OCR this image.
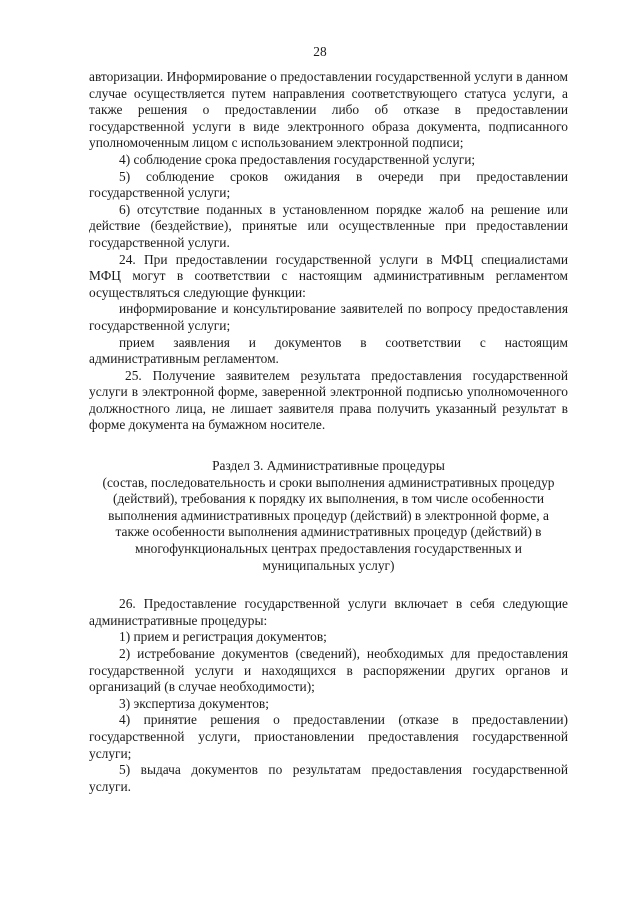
28

авторизации. Информирование о предоставлении государственной услуги в данном случае осуществляется путем направления соответствующего статуса услуги, а также решения о предоставлении либо об отказе в предоставлении государственной услуги в виде электронного образа документа, подписанного уполномоченным лицом с использованием электронной подписи;

4) соблюдение срока предоставления государственной услуги;

5) соблюдение сроков ожидания в очереди при предоставлении государственной услуги;

6) отсутствие поданных в установленном порядке жалоб на решение или действие (бездействие), принятые или осуществленные при предоставлении государственной услуги.

24. При предоставлении государственной услуги в МФЦ специалистами МФЦ могут в соответствии с настоящим административным регламентом осуществляться следующие функции:

информирование и консультирование заявителей по вопросу предоставления государственной услуги;

прием заявления и документов в соответствии с настоящим административным регламентом.

25. Получение заявителем результата предоставления государственной услуги в электронной форме, заверенной электронной подписью уполномоченного должностного лица, не лишает заявителя права получить указанный результат в форме документа на бумажном носителе.

Раздел 3. Административные процедуры

(состав, последовательность и сроки выполнения административных процедур (действий), требования к порядку их выполнения, в том числе особенности выполнения административных процедур (действий) в электронной форме, а также особенности выполнения административных процедур (действий) в многофункциональных центрах предоставления государственных и муниципальных услуг)

26. Предоставление государственной услуги включает в себя следующие административные процедуры:

1) прием и регистрация документов;

2) истребование документов (сведений), необходимых для предоставления государственной услуги и находящихся в распоряжении других органов и организаций (в случае необходимости);

3) экспертиза документов;

4) принятие решения о предоставлении (отказе в предоставлении) государственной услуги, приостановлении предоставления государственной услуги;

5) выдача документов по результатам предоставления государственной услуги.
